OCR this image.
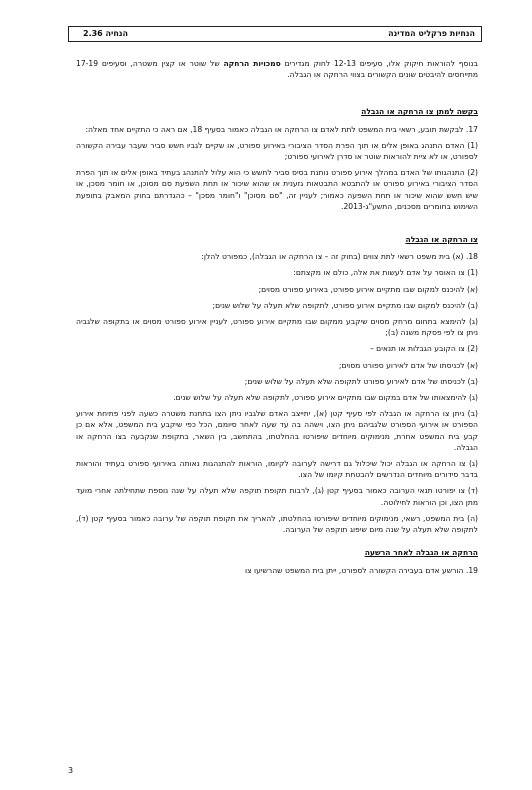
הנחיות פרקליט המדינה
הנחיה 2.36

בנוסף להוראות חיקוק אלו, סעיפים 12-13 לחוק מגדירים סמכויות הרחקה של שוטר או קצין משטרה, וסעיפים 17-19 מתייחסים להיבטים שונים הקשורים בצווי הרחקה או הגבלה.

בקשה למתן צו הרחקה או הגבלה

17. לבקשת תובע, רשאי בית המשפט לתת לאדם צו הרחקה או הגבלה כאמור בסעיף 18, אם ראה כי התקיים אחד מאלה:

(1) האדם התנהג באופן אלים או תוך הפרת הסדר הציבורי באירוע ספורט, או שקיים לגביו חשש סביר שעבר עבירה הקשורה לספורט, או לא ציית להוראות שוטר או סדרן לאירועי ספורט;

(2) התנהגותו של האדם במהלך אירוע ספורט נותנת בסיס סביר לחשש כי הוא עלול להתנהג בעתיד באופן אלים או תוך הפרת הסדר הציבורי באירוע ספורט או להתבטא התבטאות גזענית או שהוא שיכור או תחת השפעת סם מסוכן, או חומר מסכן, או שיש חשש שהוא שיכור או תחת השפעה כאמור; לעניין זה, "סם מסוכן" ו"חומר מסכן" – כהגדרתם בחוק המאבק בתופעת השימוש בחומרים מסכנים, התשע"ג-2013.

צו הרחקה או הגבלה

18. (א) בית משפט רשאי לתת צווים (בחוק זה – צו הרחקה או הגבלה), כמפורט להלן:

(1) צו האוסר על אדם לעשות את אלה, כולם או מקצתם:

(א) להיכנס למקום שבו מתקיים אירוע ספורט, באירוע ספורט מסוים;

(ב) להיכנס למקום שבו מתקיים אירוע ספורט, לתקופה שלא תעלה על שלוש שנים;

(ג) להימצא בתחום מרחק מסוים שיקבע ממקום שבו מתקיים אירוע ספורט, לעניין אירוע ספורט מסוים או בתקופה שלגביה ניתן צו לפי פסקת משנה (ב);

(2) צו הקובע הגבלות או תנאים –

(א) לכניסתו של אדם לאירוע ספורט מסוים;

(ב) לכניסתו של אדם לאירוע ספורט לתקופה שלא תעלה על שלוש שנים;

(ג) להימצאותו של אדם במקום שבו מתקיים אירוע ספורט, לתקופה שלא תעלה על שלוש שנים.

(ב) ניתן צו הרחקה או הגבלה לפי סעיף קטן (א), יתייצב האדם שלגביו ניתן הצו בתחנת משטרה כשעה לפני פתיחת אירוע הספורט או אירועי הספורט שלגביהם ניתן הצו, וישהה בה עד שעה לאחר סיומם, הכל כפי שיקבע בית המשפט, אלא אם כן קבע בית המשפט אחרת, מנימוקים מיוחדים שיפורטו בהחלטתו, בהתחשב, בין השאר, בתקופת שנקבעה בצו הרחקה או הגבלה.

(ג) צו הרחקה או הגבלה יכול שיכלול גם דרישה לערובה לקיומו, הוראות להתנהגות נאותה באירועי ספורט בעתיד והוראות בדבר סידורים מיוחדים הנדרשים להבטחת קיומו של הצו.

(ד) צו יפורטו תנאי הערובה כאמור בסעיף קטן (ג), לרבות תקופת תוקפה שלא תעלה על שנה נוספת שתחילתה אחרי מועד מתן הצו, וכן הוראות לחילוטה.

(ה) בית המשפט, רשאי, מנימוקים מיוחדים שיפורטו בהחלטתו, להאריך את תקופת תוקפה של ערובה כאמור בסעיף קטן (ד), לתקופה שלא תעלה על שנה מיום שיפוג תוקפה של הערובה.

הרחקה או הגבלה לאחר הרשעה

19. הורשע אדם בעבירה הקשורה לספורט, ייתן בית המשפט שהרשיעו צו

3
